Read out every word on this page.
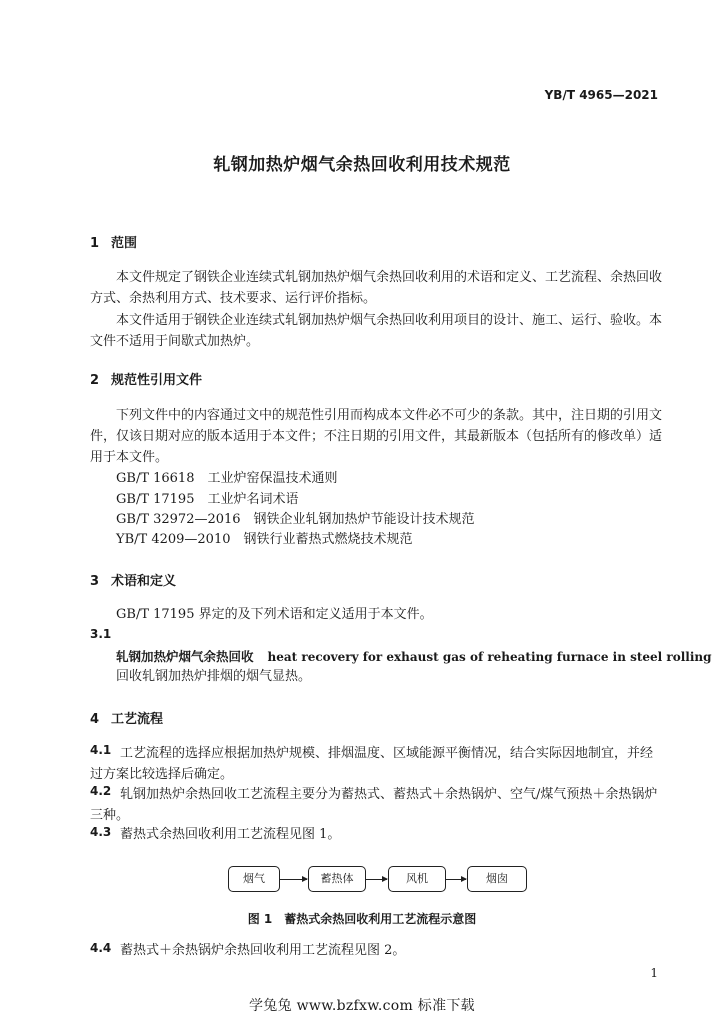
YB/T 4965—2021
轧钢加热炉烟气余热回收利用技术规范
1 范围
本文件规定了钢铁企业连续式轧钢加热炉烟气余热回收利用的术语和定义、工艺流程、余热回收方式、余热利用方式、技术要求、运行评价指标。
本文件适用于钢铁企业连续式轧钢加热炉烟气余热回收利用项目的设计、施工、运行、验收。本文件不适用于间歇式加热炉。
2 规范性引用文件
下列文件中的内容通过文中的规范性引用而构成本文件必不可少的条款。其中，注日期的引用文件，仅该日期对应的版本适用于本文件；不注日期的引用文件，其最新版本（包括所有的修改单）适用于本文件。
GB/T 16618　工业炉窑保温技术通则
GB/T 17195　工业炉名词术语
GB/T 32972—2016　钢铁企业轧钢加热炉节能设计技术规范
YB/T 4209—2010　钢铁行业蓄热式燃烧技术规范
3 术语和定义
GB/T 17195 界定的及下列术语和定义适用于本文件。
3.1
轧钢加热炉烟气余热回收 heat recovery for exhaust gas of reheating furnace in steel rolling
回收轧钢加热炉排烟的烟气显热。
4 工艺流程
4.1 工艺流程的选择应根据加热炉规模、排烟温度、区域能源平衡情况，结合实际因地制宜，并经过方案比较选择后确定。
4.2 轧钢加热炉余热回收工艺流程主要分为蓄热式、蓄热式＋余热锅炉、空气/煤气预热＋余热锅炉三种。
4.3 蓄热式余热回收利用工艺流程见图 1。
烟气	蓄热体	风机	烟囱
图 1　蓄热式余热回收利用工艺流程示意图
4.4 蓄热式＋余热锅炉余热回收利用工艺流程见图 2。
1
学兔兔 www.bzfxw.com 标准下载
